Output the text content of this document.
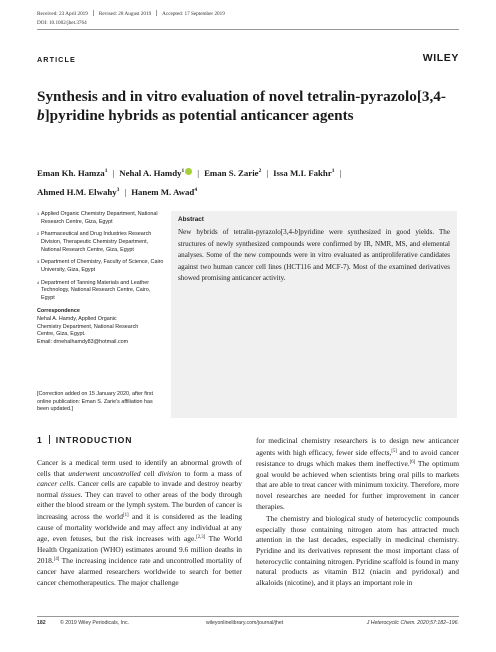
Received: 23 April 2019 Revised: 28 August 2019 Accepted: 17 September 2019
DOI: 10.1002/jhet.3764
ARTICLE	WILEY
Synthesis and in vitro evaluation of novel tetralin-pyrazolo[3,4-b]pyridine hybrids as potential anticancer agents
Eman Kh. Hamza$^1$ | Nehal A. Hamdy$^1$ | Eman S. Zarie$^2$ | Issa M.I. Fakhr$^1$ |
Ahmed H.M. Elwahy$^3$ | Hanem M. Awad$^4$
1 Applied Organic Chemistry Department, National Research Centre, Giza, Egypt
2 Pharmaceutical and Drug Industries Research Division, Therapeutic Chemistry Department, National Research Centre, Giza, Egypt
3 Department of Chemistry, Faculty of Science, Cairo University, Giza, Egypt
4 Department of Tanning Materials and Leather Technology, National Research Centre, Cairo, Egypt
Correspondence
Nehal A. Hamdy, Applied Organic
Chemistry Department, National Research
Centre, Giza, Egypt.
Email: drnehalhamdy83@hotmail.com
[Correction added on 15 January 2020, after first online publication: Eman S. Zarie's affiliation has been updated.]
Abstract

New hybrids of tetralin-pyrazolo[3,4-b]pyridine were synthesized in good yields. The structures of newly synthesized compounds were confirmed by IR, NMR, MS, and elemental analyses. Some of the new compounds were in vitro evaluated as antiproliferative candidates against two human cancer cell lines (HCT116 and MCF-7). Most of the examined derivatives showed promising anticancer activity.

1 INTRODUCTION

Cancer is a medical term used to identify an abnormal growth of cells that underwent uncontrolled cell division to form a mass of cancer cells. Cancer cells are capable to invade and destroy nearby normal tissues. They can travel to other areas of the body through either the blood stream or the lymph system. The burden of cancer is increasing across the world[1] and it is considered as the leading cause of mortality worldwide and may affect any individual at any age, even fetuses, but the risk increases with age.[2,3] The World Health Organization (WHO) estimates around 9.6 million deaths in 2018.[4] The increasing incidence rate and uncontrolled mortality of cancer have alarmed researchers worldwide to search for better cancer chemotherapeutics. The major challenge

for medicinal chemistry researchers is to design new anticancer agents with high efficacy, fewer side effects,[5] and to avoid cancer resistance to drugs which makes them ineffective.[6] The optimum goal would be achieved when scientists bring oral pills to markets that are able to treat cancer with minimum toxicity. Therefore, more novel researches are needed for further improvement in cancer therapies.

The chemistry and biological study of heterocyclic compounds especially those containing nitrogen atom has attracted much attention in the last decades, especially in medicinal chemistry. Pyridine and its derivatives represent the most important class of heterocyclic containing nitrogen. Pyridine scaffold is found in many natural products as vitamin B12 (niacin and pyridoxal) and alkaloids (nicotine), and it plays an important role in

182	© 2019 Wiley Periodicals, Inc.	wileyonlinelibrary.com/journal/jhet	J Heterocyclic Chem. 2020;57:182–196.
